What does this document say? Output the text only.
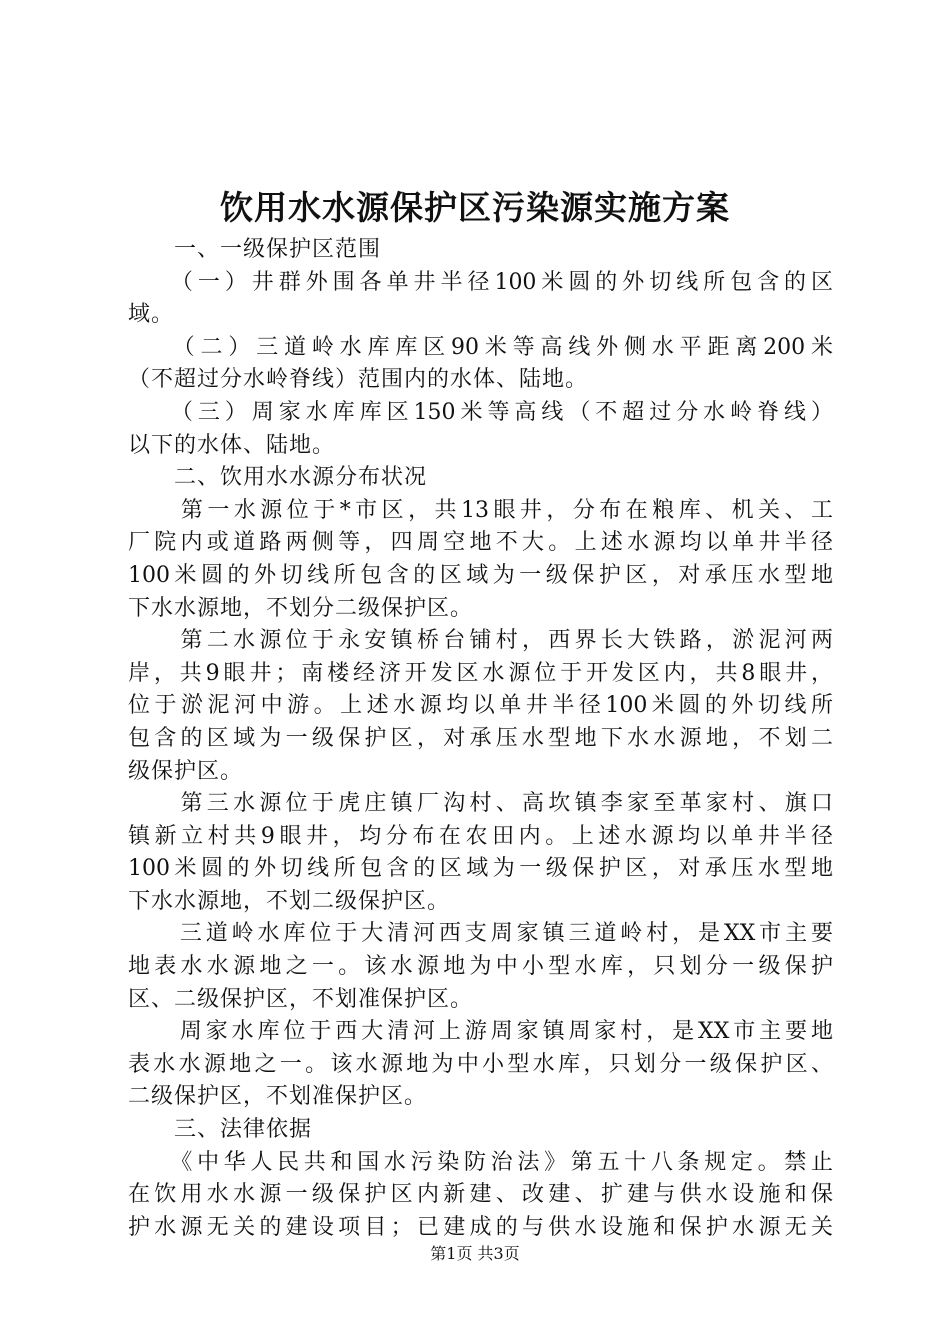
饮用水水源保护区污染源实施方案
　　一、一级保护区范围
　　（一）井群外围各单井半径100米圆的外切线所包含的区
域。
　　（二）三道岭水库库区90米等高线外侧水平距离200米
（不超过分水岭脊线）范围内的水体、陆地。
　　（三）周家水库库区150米等高线（不超过分水岭脊线）
以下的水体、陆地。
　　二、饮用水水源分布状况
　　第一水源位于*市区，共13眼井，分布在粮库、机关、工
厂院内或道路两侧等，四周空地不大。上述水源均以单井半径
100米圆的外切线所包含的区域为一级保护区，对承压水型地
下水水源地，不划分二级保护区。
　　第二水源位于永安镇桥台铺村，西界长大铁路，淤泥河两
岸，共9眼井；南楼经济开发区水源位于开发区内，共8眼井，
位于淤泥河中游。上述水源均以单井半径100米圆的外切线所
包含的区域为一级保护区，对承压水型地下水水源地，不划二
级保护区。
　　第三水源位于虎庄镇厂沟村、高坎镇李家至革家村、旗口
镇新立村共9眼井，均分布在农田内。上述水源均以单井半径
100米圆的外切线所包含的区域为一级保护区，对承压水型地
下水水源地，不划二级保护区。
　　三道岭水库位于大清河西支周家镇三道岭村，是XX市主要
地表水水源地之一。该水源地为中小型水库，只划分一级保护
区、二级保护区，不划准保护区。
　　周家水库位于西大清河上游周家镇周家村，是XX市主要地
表水水源地之一。该水源地为中小型水库，只划分一级保护区、
二级保护区，不划准保护区。
　　三、法律依据
　　《中华人民共和国水污染防治法》第五十八条规定。禁止
在饮用水水源一级保护区内新建、改建、扩建与供水设施和保
护水源无关的建设项目；已建成的与供水设施和保护水源无关
第1页 共3页
